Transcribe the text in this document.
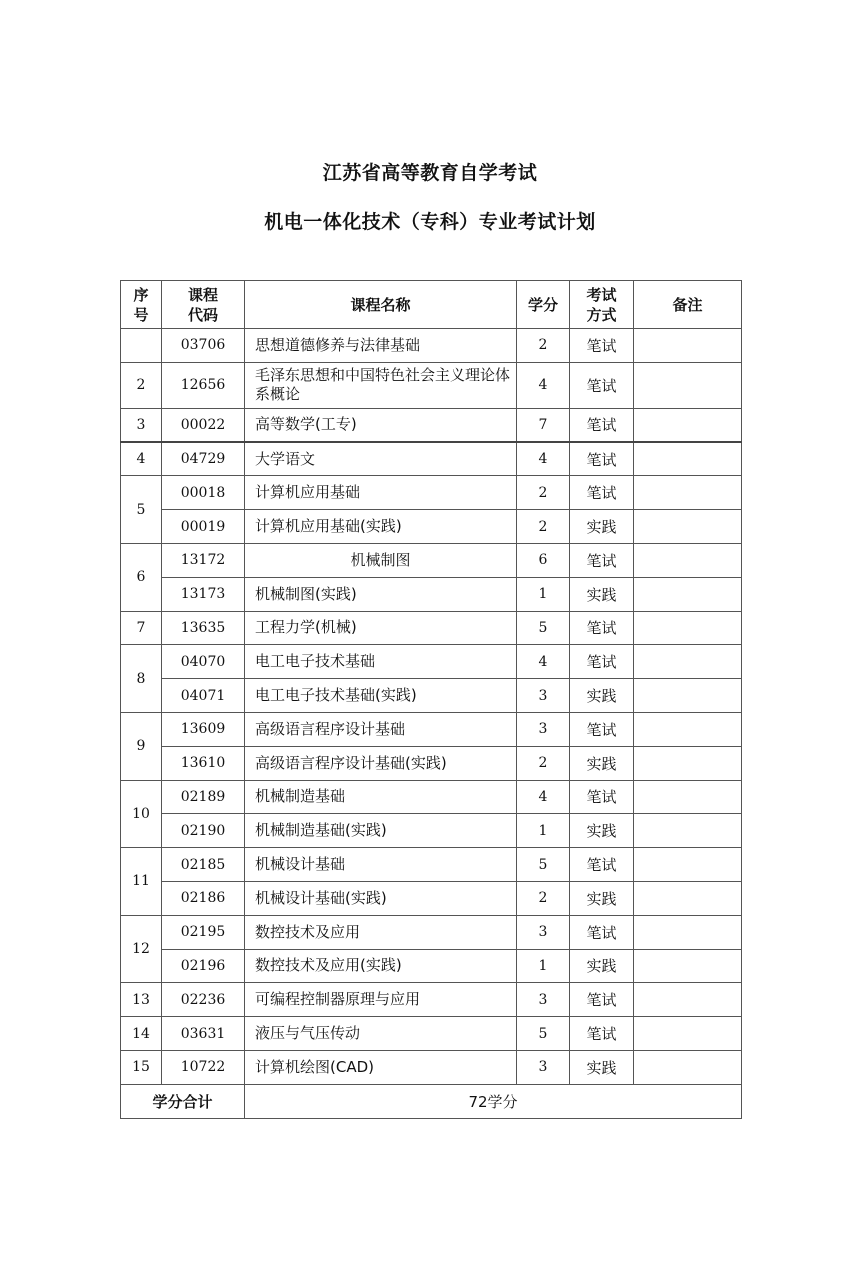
江苏省高等教育自学考试
机电一体化技术（专科）专业考试计划
序号	课程代码	课程名称	学分	考试方式	备注
	03706	思想道德修养与法律基础	2	笔试	
2	12656	毛泽东思想和中国特色社会主义理论体系概论	4	笔试	
3	00022	高等数学(工专)	7	笔试	
4	04729	大学语文	4	笔试	
5	00018	计算机应用基础	2	笔试	
	00019	计算机应用基础(实践)	2	实践	
6	13172	机械制图	6	笔试	
	13173	机械制图(实践)	1	实践	
7	13635	工程力学(机械)	5	笔试	
8	04070	电工电子技术基础	4	笔试	
	04071	电工电子技术基础(实践)	3	实践	
9	13609	高级语言程序设计基础	3	笔试	
	13610	高级语言程序设计基础(实践)	2	实践	
10	02189	机械制造基础	4	笔试	
	02190	机械制造基础(实践)	1	实践	
11	02185	机械设计基础	5	笔试	
	02186	机械设计基础(实践)	2	实践	
12	02195	数控技术及应用	3	笔试	
	02196	数控技术及应用(实践)	1	实践	
13	02236	可编程控制器原理与应用	3	笔试	
14	03631	液压与气压传动	5	笔试	
15	10722	计算机绘图(CAD)	3	实践	
学分合计		72学分			
